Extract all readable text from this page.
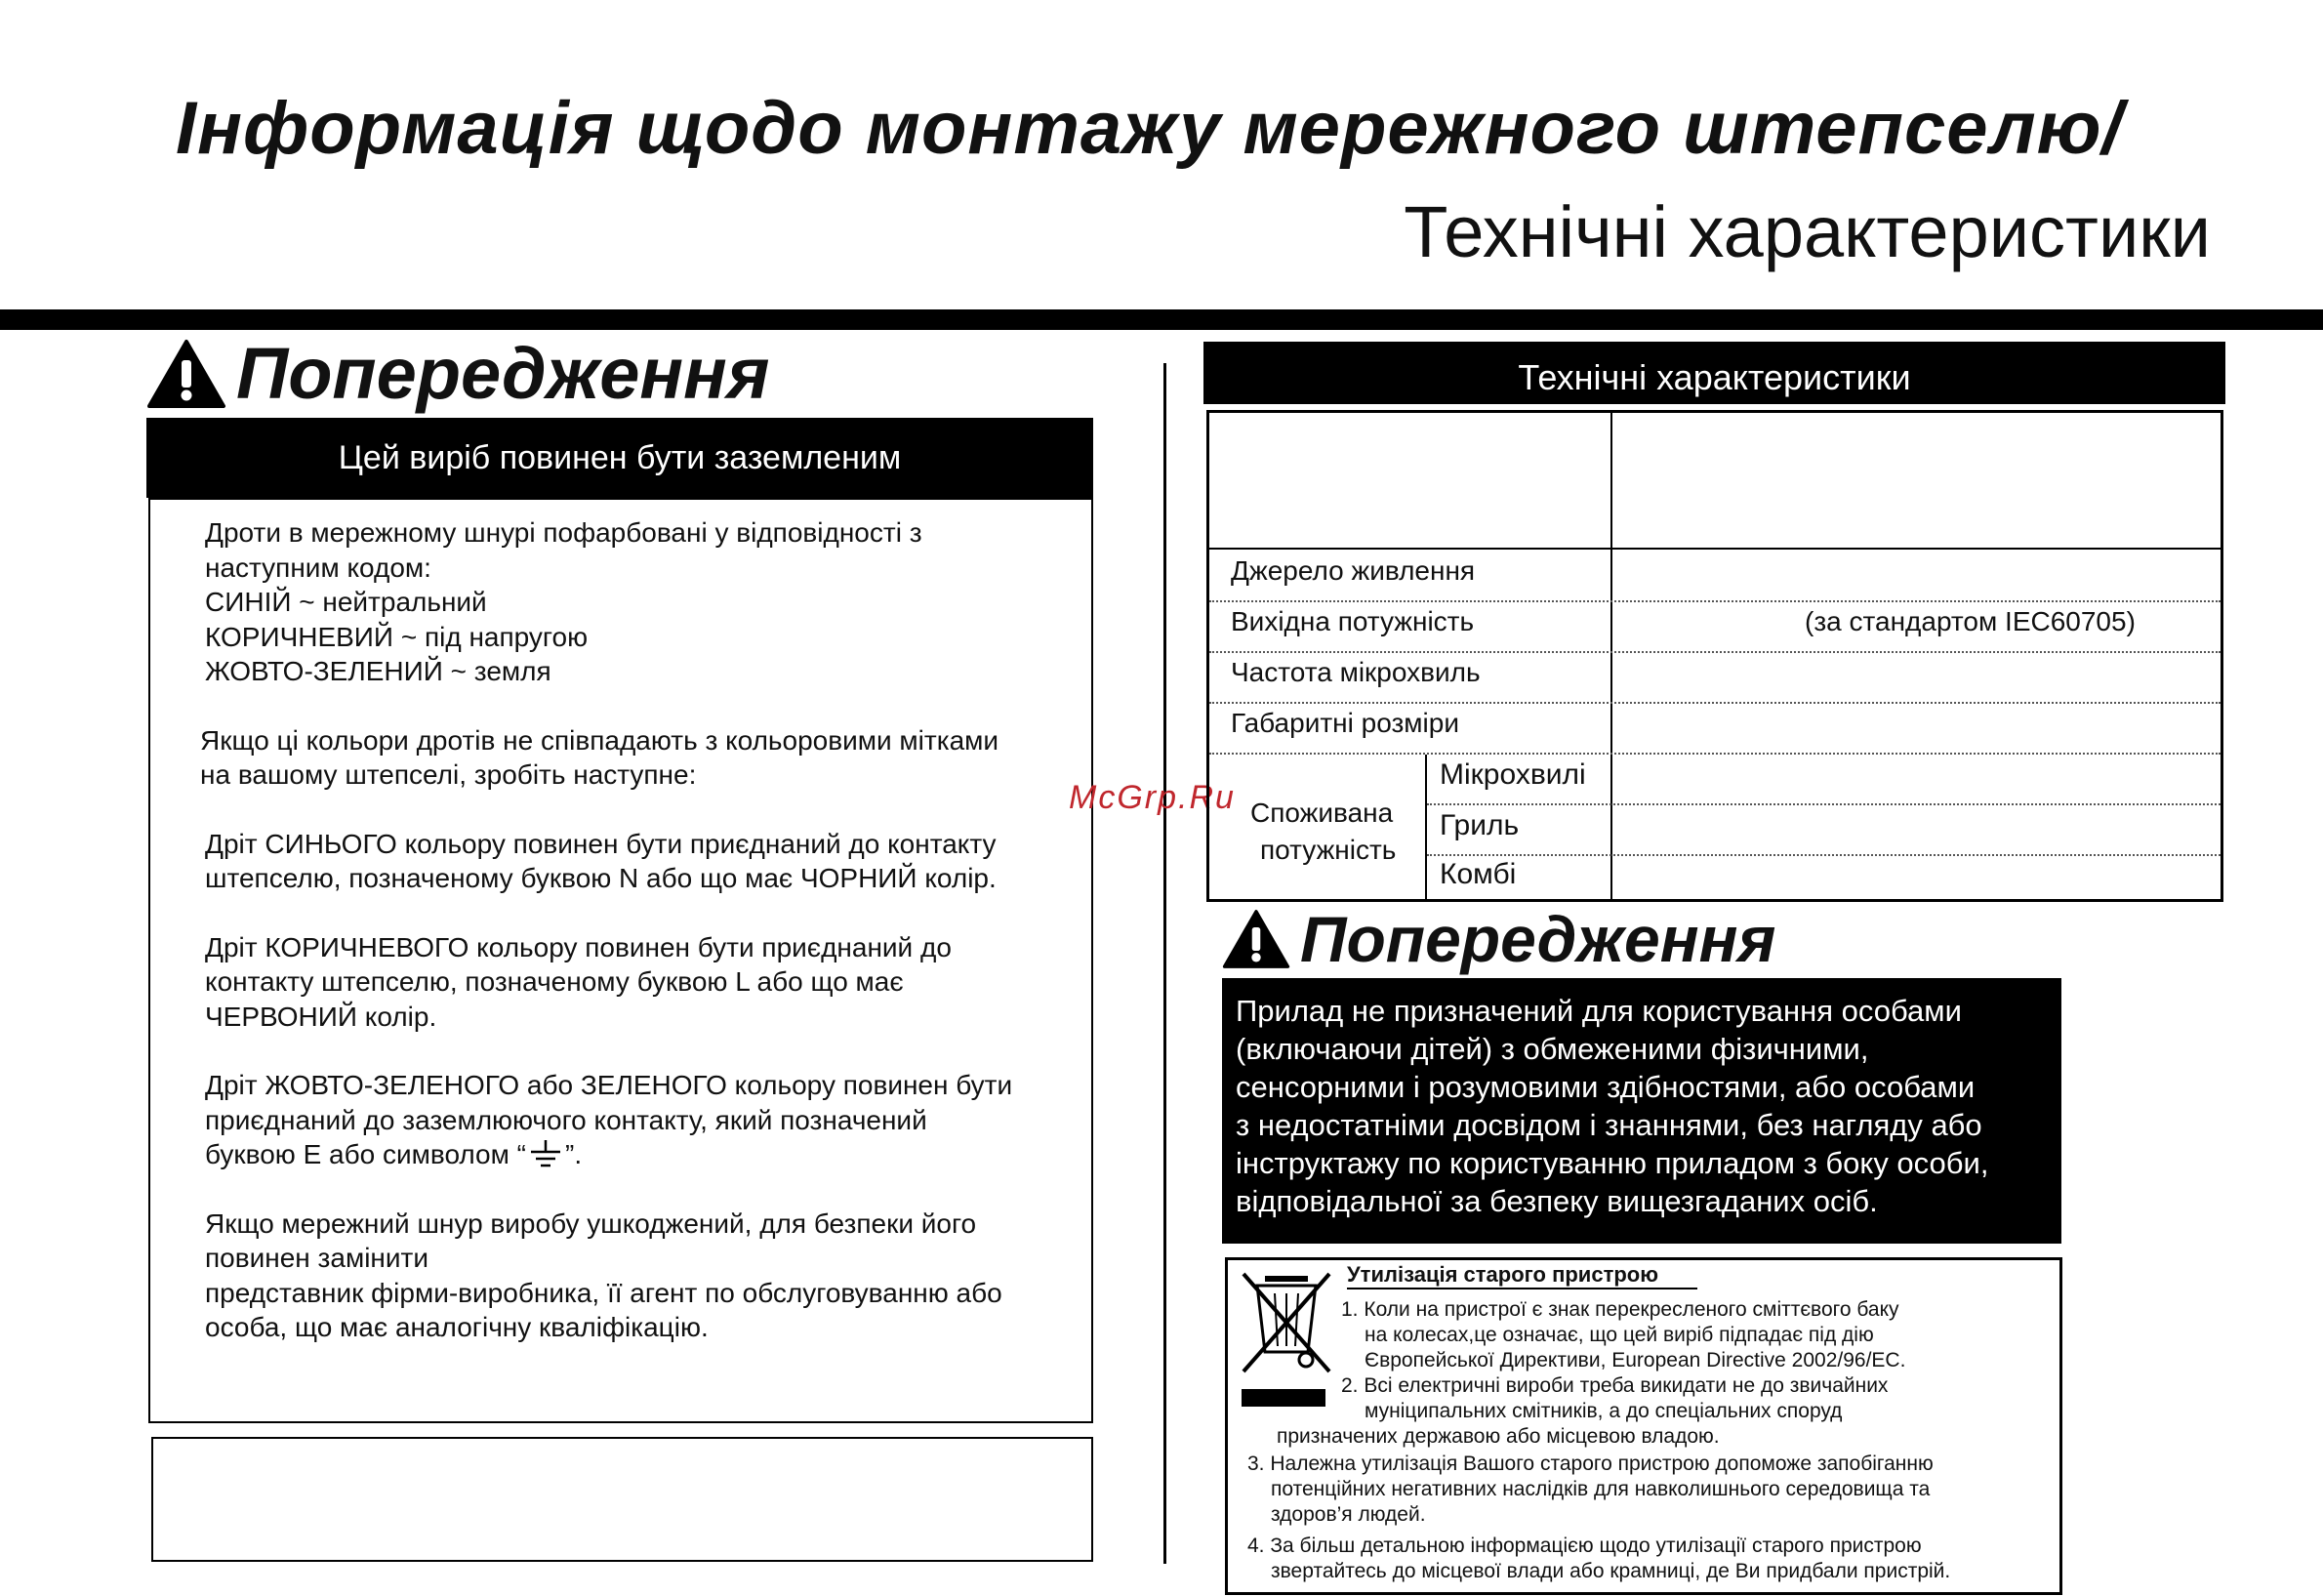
Інформація щодо монтажу мережного штепселю/
Технічні характеристики
Попередження
Цей виріб повинен бути заземленим

Дроти в мережному шнурі пофарбовані у відповідності з
наступним кодом:
СИНІЙ ~ нейтральний
КОРИЧНЕВИЙ ~ під напругою
ЖОВТО-ЗЕЛЕНИЙ ~ земля

Якщо ці кольори дротів не співпадають з кольоровими мітками
на вашому штепселі, зробіть наступне:

Дріт СИНЬОГО кольору повинен бути приєднаний до контакту
штепселю, позначеному буквою N або що має ЧОРНИЙ колір.

Дріт КОРИЧНЕВОГО кольору повинен бути приєднаний до
контакту штепселю, позначеному буквою L або що має
ЧЕРВОНИЙ колір.

Дріт ЖОВТО-ЗЕЛЕНОГО або ЗЕЛЕНОГО кольору повинен бути
приєднаний до заземлюючого контакту, який позначений
буквою E або символом “ ”.

Якщо мережний шнур виробу ушкоджений, для безпеки його
повинен замінити
представник фірми-виробника, її агент по обслуговуванню або
особа, що має аналогічну кваліфікацію.

McGrp.Ru
Технічні характеристики
Джерело живлення
Вихідна потужність	(за стандартом IEC60705)
Частота мікрохвиль
Габаритні розміри
Споживана
потужність
Мікрохвилі
Гриль
Комбі
Попередження
Прилад не призначений для користування особами
(включаючи дітей) з обмеженими фізичними,
сенсорними і розумовими здібностями, або особами
з недостатніми досвідом і знаннями, без нагляду або
інструктажу по користуванню приладом з боку особи,
відповідальної за безпеку вищезгаданих осіб.
Утилізація старого пристрою
1. Коли на пристрої є знак перекресленого сміттєвого баку
на колесах,це означає, що цей виріб підпадає під дію
Європейської Директиви, European Directive 2002/96/EC.
2. Всі електричні вироби треба викидати не до звичайних
муніципальних смітників, а до спеціальних споруд
призначених державою або місцевою владою.
3. Належна утилізація Вашого старого пристрою допоможе запобіганню
потенційних негативних наслідків для навколишнього середовища та
здоров’я людей.
4. За більш детальною інформацією щодо утилізації старого пристрою
звертайтесь до місцевої влади або крамниці, де Ви придбали пристрій.
